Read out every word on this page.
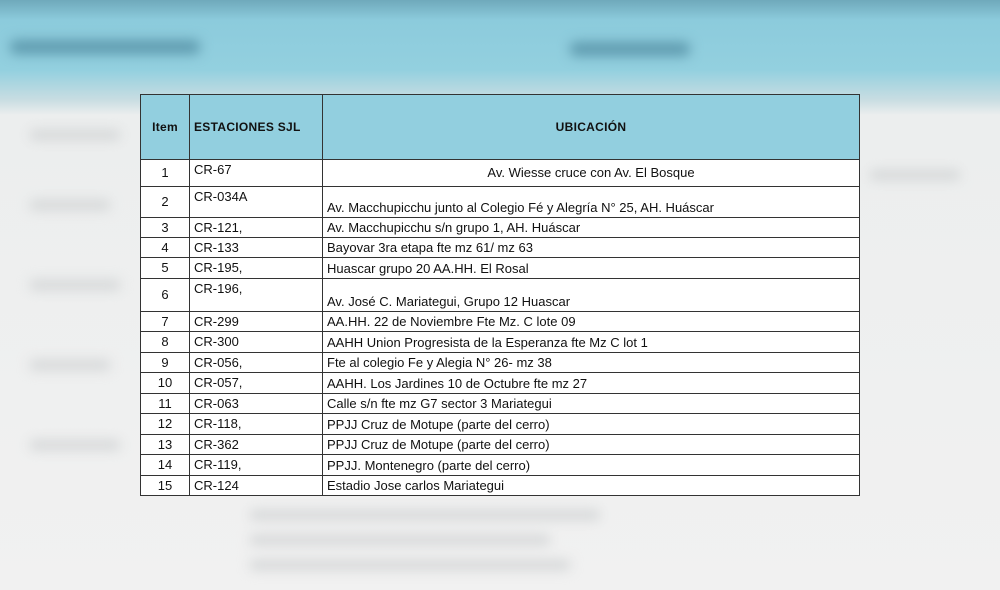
Item	ESTACIONES SJL	UBICACIÓN
1	CR-67	Av. Wiesse cruce con Av. El Bosque
2	CR-034A	Av. Macchupicchu junto al Colegio Fé y Alegría N° 25, AH. Huáscar
3	CR-121,	Av. Macchupicchu s/n grupo 1, AH. Huáscar
4	CR-133	Bayovar 3ra etapa fte mz 61/ mz 63
5	CR-195,	Huascar grupo 20 AA.HH. El Rosal
6	CR-196,	Av. José C. Mariategui, Grupo 12 Huascar
7	CR-299	AA.HH. 22 de Noviembre Fte Mz. C lote 09
8	CR-300	AAHH Union Progresista de la Esperanza fte Mz C lot 1
9	CR-056,	Fte al colegio Fe y Alegia N° 26- mz 38
10	CR-057,	AAHH. Los Jardines 10 de Octubre fte mz 27
11	CR-063	Calle s/n fte mz G7 sector 3 Mariategui
12	CR-118,	PPJJ Cruz de Motupe (parte del cerro)
13	CR-362	PPJJ Cruz de Motupe (parte del cerro)
14	CR-119,	PPJJ. Montenegro (parte del cerro)
15	CR-124	Estadio Jose carlos Mariategui
